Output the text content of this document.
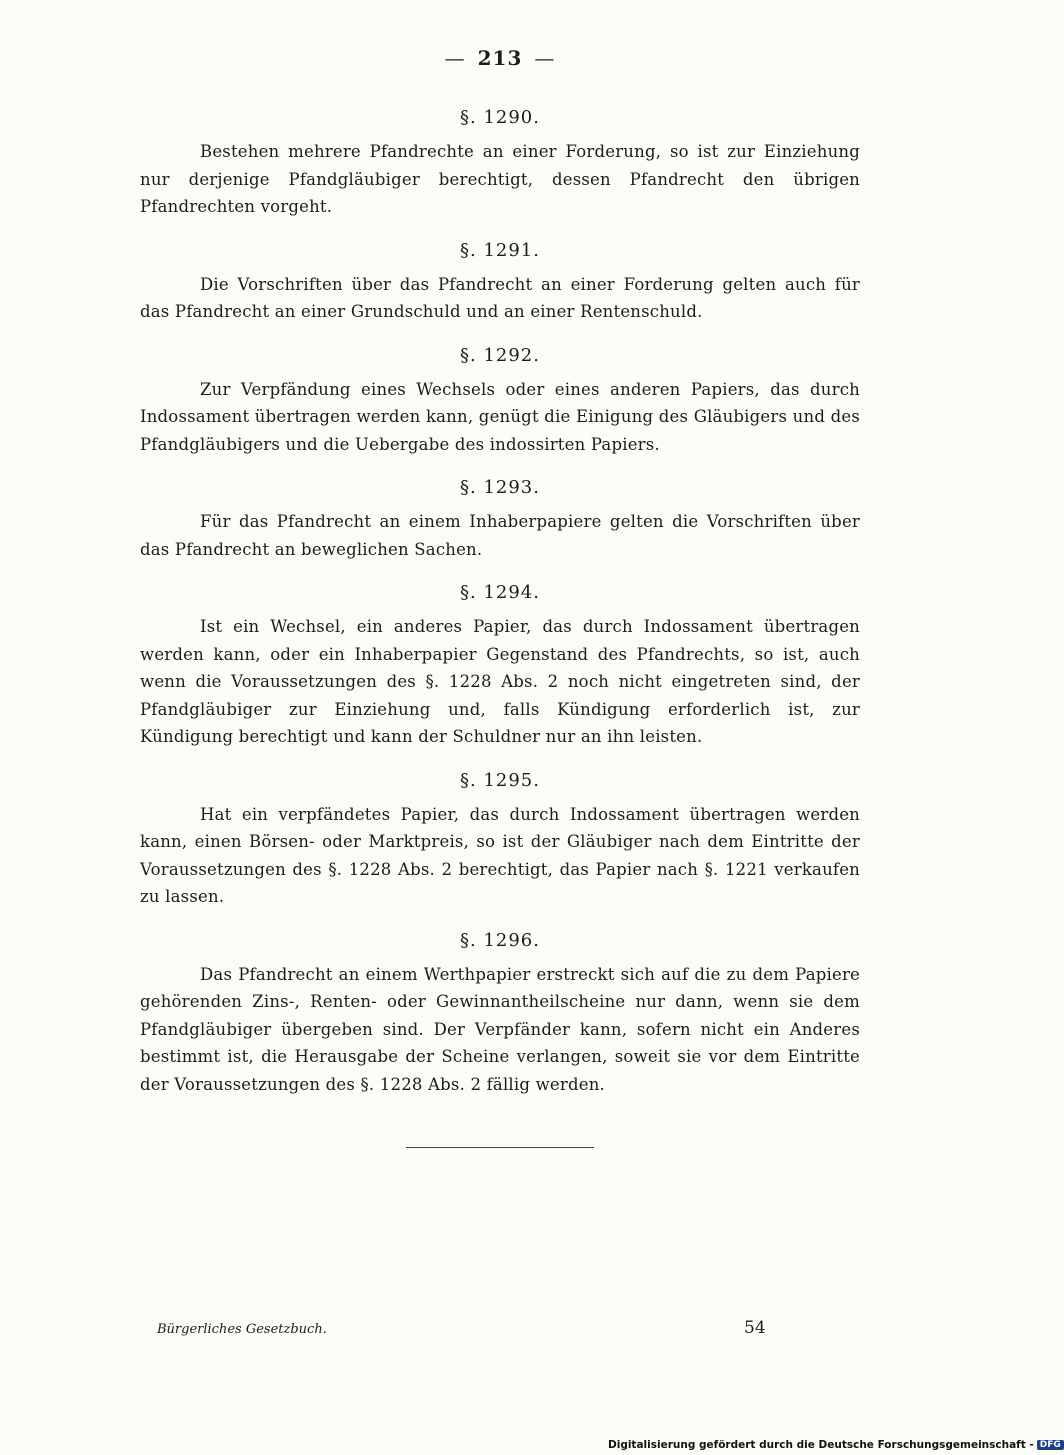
— 213 —
§. 1290.
Bestehen mehrere Pfandrechte an einer Forderung, so ist zur Einziehung nur derjenige Pfandgläubiger berechtigt, dessen Pfandrecht den übrigen Pfandrechten vorgeht.
§. 1291.
Die Vorschriften über das Pfandrecht an einer Forderung gelten auch für das Pfandrecht an einer Grundschuld und an einer Rentenschuld.
§. 1292.
Zur Verpfändung eines Wechsels oder eines anderen Papiers, das durch Indossament übertragen werden kann, genügt die Einigung des Gläubigers und des Pfandgläubigers und die Uebergabe des indossirten Papiers.
§. 1293.
Für das Pfandrecht an einem Inhaberpapiere gelten die Vorschriften über das Pfandrecht an beweglichen Sachen.
§. 1294.
Ist ein Wechsel, ein anderes Papier, das durch Indossament übertragen werden kann, oder ein Inhaberpapier Gegenstand des Pfandrechts, so ist, auch wenn die Voraussetzungen des §. 1228 Abs. 2 noch nicht eingetreten sind, der Pfandgläubiger zur Einziehung und, falls Kündigung erforderlich ist, zur Kündigung berechtigt und kann der Schuldner nur an ihn leisten.
§. 1295.
Hat ein verpfändetes Papier, das durch Indossament übertragen werden kann, einen Börsen- oder Marktpreis, so ist der Gläubiger nach dem Eintritte der Voraussetzungen des §. 1228 Abs. 2 berechtigt, das Papier nach §. 1221 verkaufen zu lassen.
§. 1296.
Das Pfandrecht an einem Werthpapier erstreckt sich auf die zu dem Papiere gehörenden Zins-, Renten- oder Gewinnantheilscheine nur dann, wenn sie dem Pfandgläubiger übergeben sind. Der Verpfänder kann, sofern nicht ein Anderes bestimmt ist, die Herausgabe der Scheine verlangen, soweit sie vor dem Eintritte der Voraussetzungen des §. 1228 Abs. 2 fällig werden.
Bürgerliches Gesetzbuch.	54
Digitalisierung gefördert durch die Deutsche Forschungsgemeinschaft - DFG
